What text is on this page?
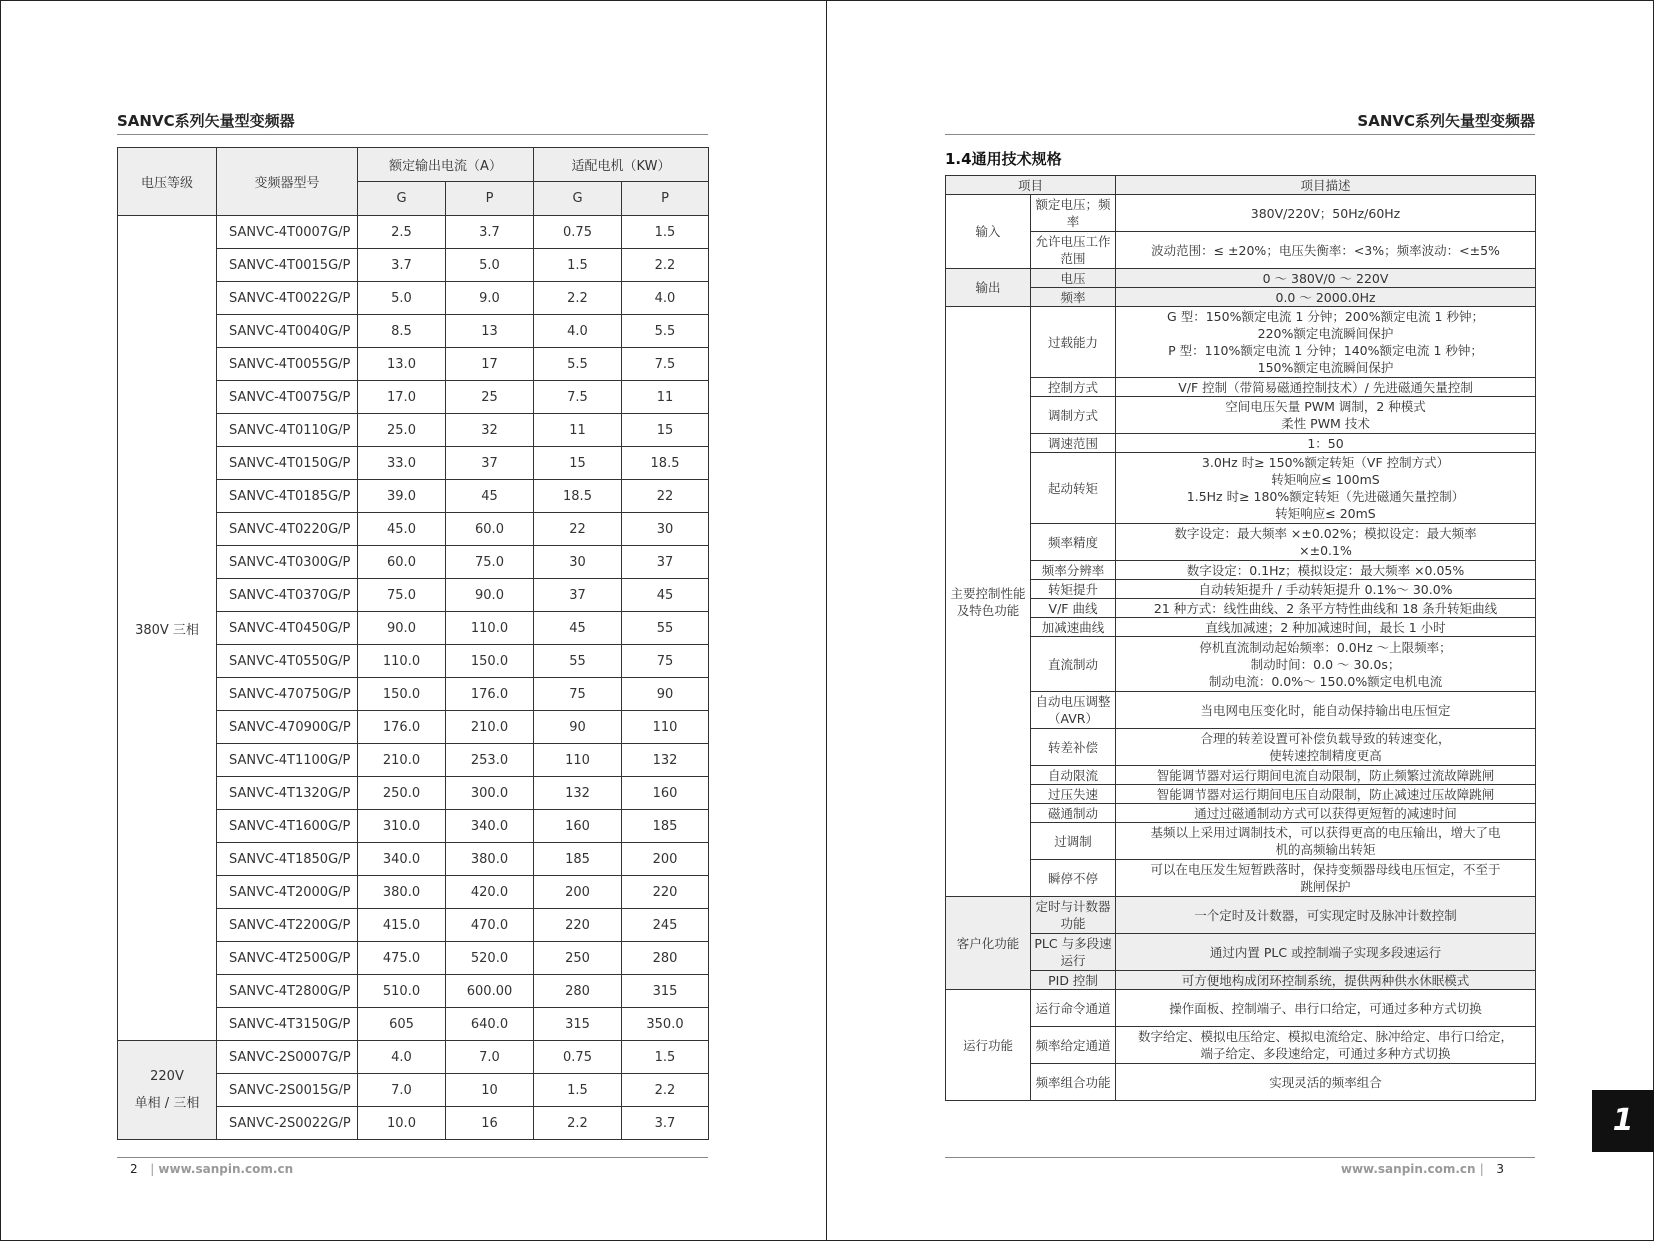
SANVC系列矢量型变频器
电压等级	变频器型号	额定输出电流（A）		适配电机（KW）	
		G	P	G	P
380V 三相	SANVC-4T0007G/P	2.5	3.7	0.75	1.5
	SANVC-4T0015G/P	3.7	5.0	1.5	2.2
	SANVC-4T0022G/P	5.0	9.0	2.2	4.0
	SANVC-4T0040G/P	8.5	13	4.0	5.5
	SANVC-4T0055G/P	13.0	17	5.5	7.5
	SANVC-4T0075G/P	17.0	25	7.5	11
	SANVC-4T0110G/P	25.0	32	11	15
	SANVC-4T0150G/P	33.0	37	15	18.5
	SANVC-4T0185G/P	39.0	45	18.5	22
	SANVC-4T0220G/P	45.0	60.0	22	30
	SANVC-4T0300G/P	60.0	75.0	30	37
	SANVC-4T0370G/P	75.0	90.0	37	45
	SANVC-4T0450G/P	90.0	110.0	45	55
	SANVC-4T0550G/P	110.0	150.0	55	75
	SANVC-470750G/P	150.0	176.0	75	90
	SANVC-470900G/P	176.0	210.0	90	110
	SANVC-4T1100G/P	210.0	253.0	110	132
	SANVC-4T1320G/P	250.0	300.0	132	160
	SANVC-4T1600G/P	310.0	340.0	160	185
	SANVC-4T1850G/P	340.0	380.0	185	200
	SANVC-4T2000G/P	380.0	420.0	200	220
	SANVC-4T2200G/P	415.0	470.0	220	245
	SANVC-4T2500G/P	475.0	520.0	250	280
	SANVC-4T2800G/P	510.0	600.00	280	315
	SANVC-4T3150G/P	605	640.0	315	350.0

220V
单相 / 三相	SANVC-2S0007G/P	4.0	7.0	0.75	1.5
	SANVC-2S0015G/P	7.0	10	1.5	2.2
	SANVC-2S0022G/P	10.0	16	2.2	3.7
2 | www.sanpin.com.cn
SANVC系列矢量型变频器
1.4通用技术规格
项目		项目描述
输入	额定电压；频率	380V/220V；50Hz/60Hz

	允许电压工作范围	波动范围：≤ ±20%；电压失衡率：<3%；频率波动：<±5%

输出	电压	0 ～ 380V/0 ～ 220V

	频率	0.0 ～ 2000.0Hz

主要控制性能及特色功能	过载能力	G 型：150%额定电流 1 分钟；200%额定电流 1 秒钟；
220%额定电流瞬间保护
P 型：110%额定电流 1 分钟；140%额定电流 1 秒钟；
150%额定电流瞬间保护

	控制方式	V/F 控制（带简易磁通控制技术）/ 先进磁通矢量控制

	调制方式	空间电压矢量 PWM 调制，2 种模式
柔性 PWM 技术

	调速范围	1：50

	起动转矩	3.0Hz 时≥ 150%额定转矩（VF 控制方式）
转矩响应≤ 100mS
1.5Hz 时≥ 180%额定转矩（先进磁通矢量控制）
转矩响应≤ 20mS

	频率精度	数字设定：最大频率 ×±0.02%；模拟设定：最大频率
×±0.1%

	频率分辨率	数字设定：0.1Hz；模拟设定：最大频率 ×0.05%

	转矩提升	自动转矩提升 / 手动转矩提升 0.1%～ 30.0%

	V/F 曲线	21 种方式：线性曲线、2 条平方特性曲线和 18 条升转矩曲线

	加减速曲线	直线加减速；2 种加减速时间，最长 1 小时

	直流制动	停机直流制动起始频率：0.0Hz ～上限频率；
制动时间：0.0 ～ 30.0s；
制动电流：0.0%～ 150.0%额定电机电流

	自动电压调整（AVR）	当电网电压变化时，能自动保持输出电压恒定

	转差补偿	合理的转差设置可补偿负载导致的转速变化，
使转速控制精度更高

	自动限流	智能调节器对运行期间电流自动限制，防止频繁过流故障跳闸

	过压失速	智能调节器对运行期间电压自动限制，防止减速过压故障跳闸

	磁通制动	通过过磁通制动方式可以获得更短暂的减速时间

	过调制	基频以上采用过调制技术，可以获得更高的电压输出，增大了电
机的高频输出转矩

	瞬停不停	可以在电压发生短暂跌落时，保持变频器母线电压恒定，不至于
跳闸保护

客户化功能	定时与计数器功能	一个定时及计数器，可实现定时及脉冲计数控制

	PLC 与多段速运行	通过内置 PLC 或控制端子实现多段速运行

	PID 控制	可方便地构成闭环控制系统，提供两种供水休眠模式

运行功能	运行命令通道	操作面板、控制端子、串行口给定，可通过多种方式切换

	频率给定通道	数字给定、模拟电压给定、模拟电流给定、脉冲给定、串行口给定，
端子给定、多段速给定，可通过多种方式切换

	频率组合功能	实现灵活的频率组合
www.sanpin.com.cn | 3
1
